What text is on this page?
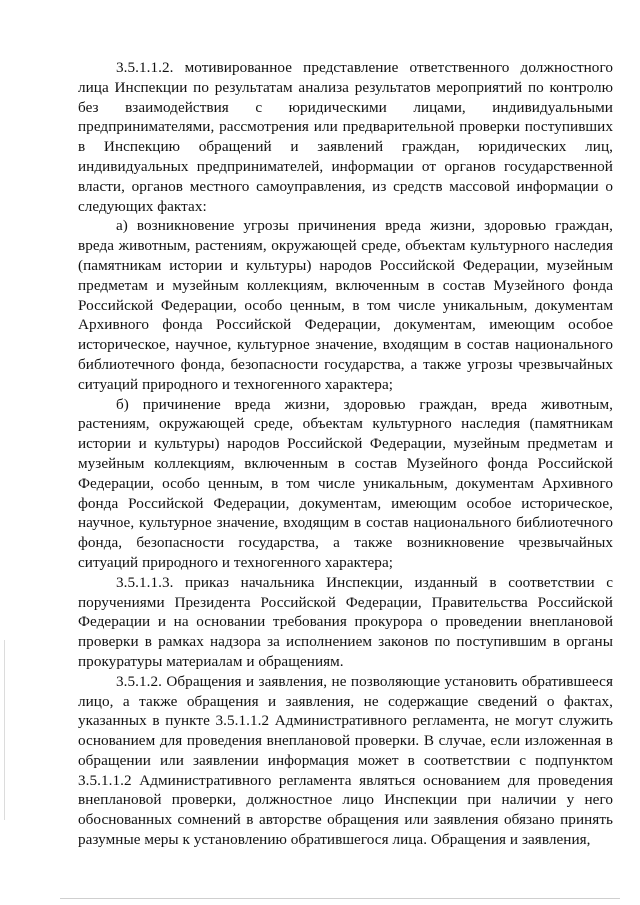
3.5.1.1.2. мотивированное представление ответственного должностного лица Инспекции по результатам анализа результатов мероприятий по контролю без взаимодействия с юридическими лицами, индивидуальными предпринимателями, рассмотрения или предварительной проверки поступивших в Инспекцию обращений и заявлений граждан, юридических лиц, индивидуальных предпринимателей, информации от органов государственной власти, органов местного самоуправления, из средств массовой информации о следующих фактах:

а) возникновение угрозы причинения вреда жизни, здоровью граждан, вреда животным, растениям, окружающей среде, объектам культурного наследия (памятникам истории и культуры) народов Российской Федерации, музейным предметам и музейным коллекциям, включенным в состав Музейного фонда Российской Федерации, особо ценным, в том числе уникальным, документам Архивного фонда Российской Федерации, документам, имеющим особое историческое, научное, культурное значение, входящим в состав национального библиотечного фонда, безопасности государства, а также угрозы чрезвычайных ситуаций природного и техногенного характера;

б) причинение вреда жизни, здоровью граждан, вреда животным, растениям, окружающей среде, объектам культурного наследия (памятникам истории и культуры) народов Российской Федерации, музейным предметам и музейным коллекциям, включенным в состав Музейного фонда Российской Федерации, особо ценным, в том числе уникальным, документам Архивного фонда Российской Федерации, документам, имеющим особое историческое, научное, культурное значение, входящим в состав национального библиотечного фонда, безопасности государства, а также возникновение чрезвычайных ситуаций природного и техногенного характера;

3.5.1.1.3. приказ начальника Инспекции, изданный в соответствии с поручениями Президента Российской Федерации, Правительства Российской Федерации и на основании требования прокурора о проведении внеплановой проверки в рамках надзора за исполнением законов по поступившим в органы прокуратуры материалам и обращениям.

3.5.1.2. Обращения и заявления, не позволяющие установить обратившееся лицо, а также обращения и заявления, не содержащие сведений о фактах, указанных в пункте 3.5.1.1.2 Административного регламента, не могут служить основанием для проведения внеплановой проверки. В случае, если изложенная в обращении или заявлении информация может в соответствии с подпунктом 3.5.1.1.2 Административного регламента являться основанием для проведения внеплановой проверки, должностное лицо Инспекции при наличии у него обоснованных сомнений в авторстве обращения или заявления обязано принять разумные меры к установлению обратившегося лица. Обращения и заявления,
